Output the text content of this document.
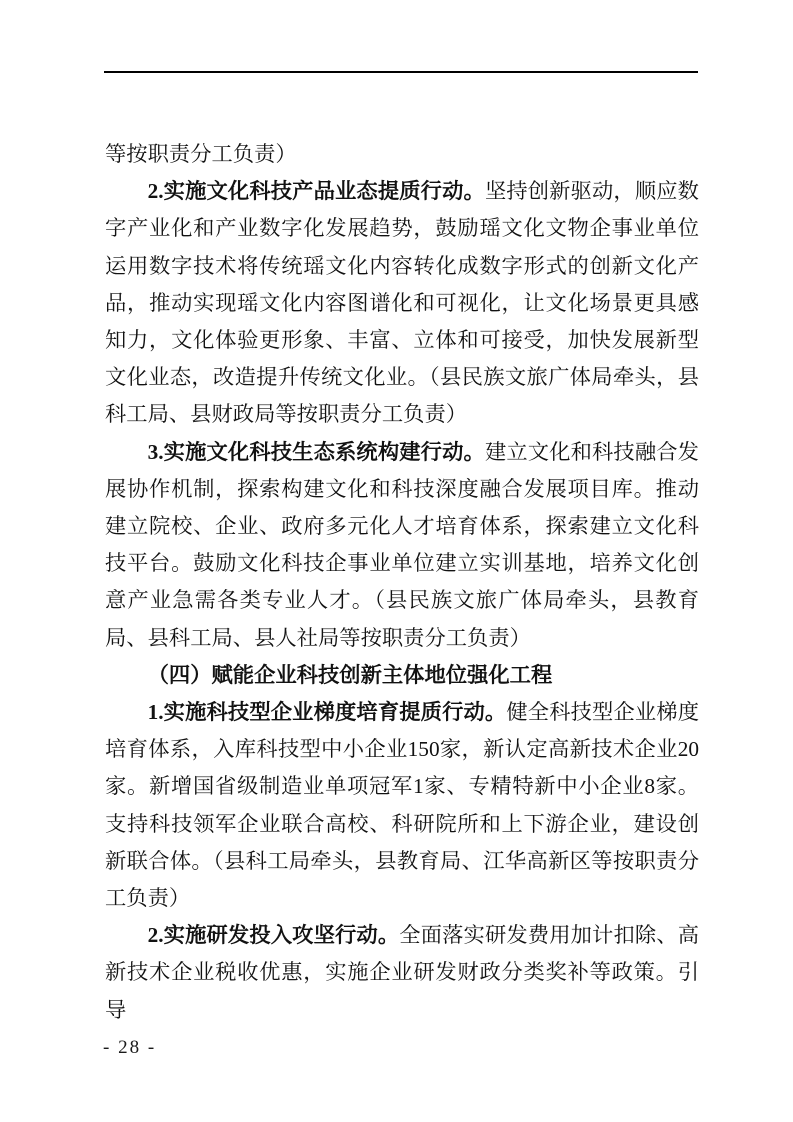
等按职责分工负责）

2.实施文化科技产品业态提质行动。坚持创新驱动，顺应数字产业化和产业数字化发展趋势，鼓励瑶文化文物企事业单位运用数字技术将传统瑶文化内容转化成数字形式的创新文化产品，推动实现瑶文化内容图谱化和可视化，让文化场景更具感知力，文化体验更形象、丰富、立体和可接受，加快发展新型文化业态，改造提升传统文化业。（县民族文旅广体局牵头，县科工局、县财政局等按职责分工负责）

3.实施文化科技生态系统构建行动。建立文化和科技融合发展协作机制，探索构建文化和科技深度融合发展项目库。推动建立院校、企业、政府多元化人才培育体系，探索建立文化科技平台。鼓励文化科技企事业单位建立实训基地，培养文化创意产业急需各类专业人才。（县民族文旅广体局牵头，县教育局、县科工局、县人社局等按职责分工负责）

（四）赋能企业科技创新主体地位强化工程

1.实施科技型企业梯度培育提质行动。健全科技型企业梯度培育体系，入库科技型中小企业150家，新认定高新技术企业20家。新增国省级制造业单项冠军1家、专精特新中小企业8家。支持科技领军企业联合高校、科研院所和上下游企业，建设创新联合体。（县科工局牵头，县教育局、江华高新区等按职责分工负责）

2.实施研发投入攻坚行动。全面落实研发费用加计扣除、高新技术企业税收优惠，实施企业研发财政分类奖补等政策。引导

- 28 -
